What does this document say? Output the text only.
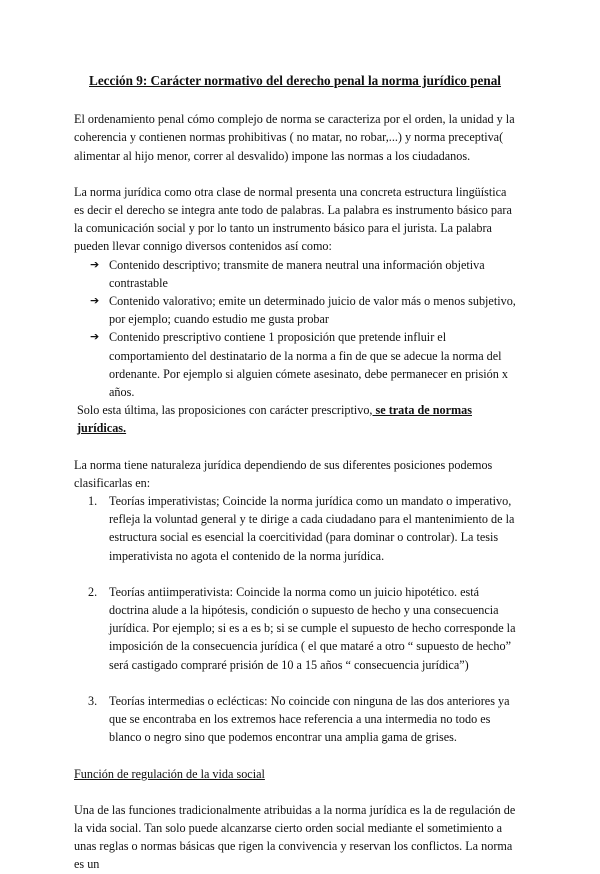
Lección 9: Carácter normativo del derecho penal la norma jurídico penal

El ordenamiento penal cómo complejo de norma se caracteriza por el orden, la unidad y la coherencia y contienen normas prohibitivas ( no matar, no robar,...) y norma preceptiva( alimentar al hijo menor, correr al desvalido) impone las normas a los ciudadanos.

La norma jurídica como otra clase de normal presenta una concreta estructura lingüística es decir el derecho se integra ante todo de palabras. La palabra es instrumento básico para la comunicación social y por lo tanto un instrumento básico para el jurista. La palabra pueden llevar connigo diversos contenidos así como:

➔ Contenido descriptivo; transmite de manera neutral una información objetiva contrastable
➔ Contenido valorativo; emite un determinado juicio de valor más o menos subjetivo, por ejemplo; cuando estudio me gusta probar
➔ Contenido prescriptivo contiene 1 proposición que pretende influir el comportamiento del destinatario de la norma a fin de que se adecue la norma del ordenante. Por ejemplo si alguien cómete asesinato, debe permanecer en prisión x años.

Solo esta última, las proposiciones con carácter prescriptivo, se trata de normas jurídicas.

La norma tiene naturaleza jurídica dependiendo de sus diferentes posiciones podemos clasificarlas en:

1. Teorías imperativistas; Coincide la norma jurídica como un mandato o imperativo, refleja la voluntad general y te dirige a cada ciudadano para el mantenimiento de la estructura social es esencial la coercitividad (para dominar o controlar). La tesis imperativista no agota el contenido de la norma jurídica.
2. Teorías antiimperativista: Coincide la norma como un juicio hipotético. está doctrina alude a la hipótesis, condición o supuesto de hecho y una consecuencia jurídica. Por ejemplo; si es a es b; si se cumple el supuesto de hecho corresponde la imposición de la consecuencia jurídica ( el que mataré a otro “ supuesto de hecho” será castigado compraré prisión de 10 a 15 años “ consecuencia jurídica”)
3. Teorías intermedias o eclécticas: No coincide con ninguna de las dos anteriores ya que se encontraba en los extremos hace referencia a una intermedia no todo es blanco o negro sino que podemos encontrar una amplia gama de grises.

Función de regulación de la vida social

Una de las funciones tradicionalmente atribuidas a la norma jurídica es la de regulación de la vida social. Tan solo puede alcanzarse cierto orden social mediante el sometimiento a unas reglas o normas básicas que rigen la convivencia y reservan los conflictos. La norma es un
